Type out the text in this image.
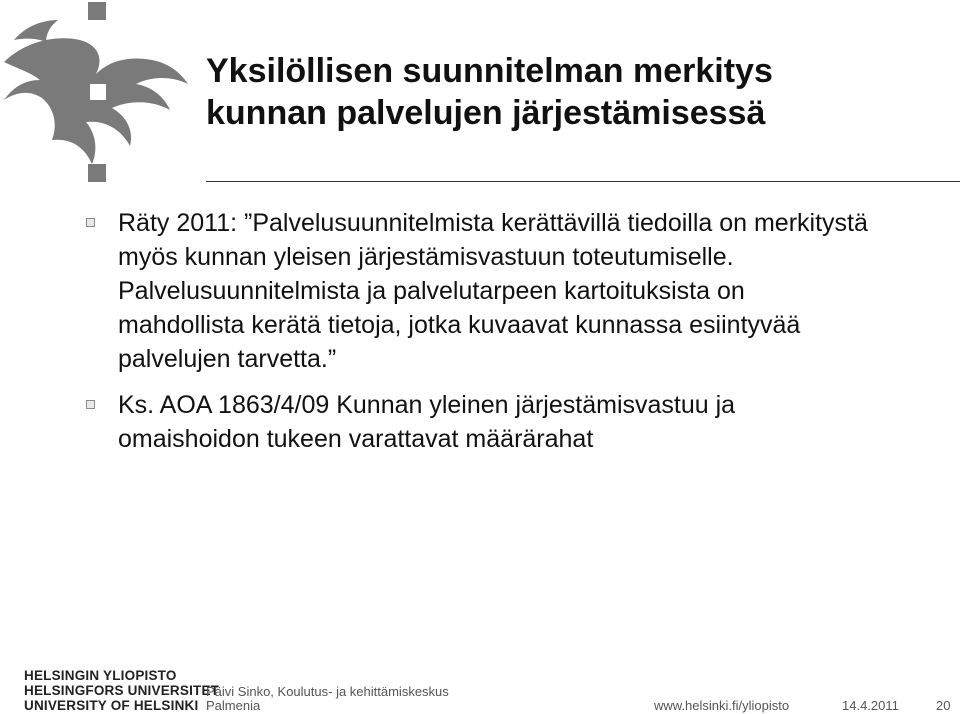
Yksilöllisen suunnitelman merkitys
kunnan palvelujen järjestämisessä
Räty 2011: ”Palvelusuunnitelmista kerättävillä tiedoilla on merkitystä
myös kunnan yleisen järjestämisvastuun toteutumiselle.
Palvelusuunnitelmista ja palvelutarpeen kartoituksista on
mahdollista kerätä tietoja, jotka kuvaavat kunnassa esiintyvää
palvelujen tarvetta.”
Ks. AOA 1863/4/09 Kunnan yleinen järjestämisvastuu ja
omaishoidon tukeen varattavat määrärahat
HELSINGIN YLIOPISTO
HELSINGFORS UNIVERSITET
UNIVERSITY OF HELSINKI
Päivi Sinko, Koulutus- ja kehittämiskeskus
Palmenia	www.helsinki.fi/yliopisto	14.4.2011	20
